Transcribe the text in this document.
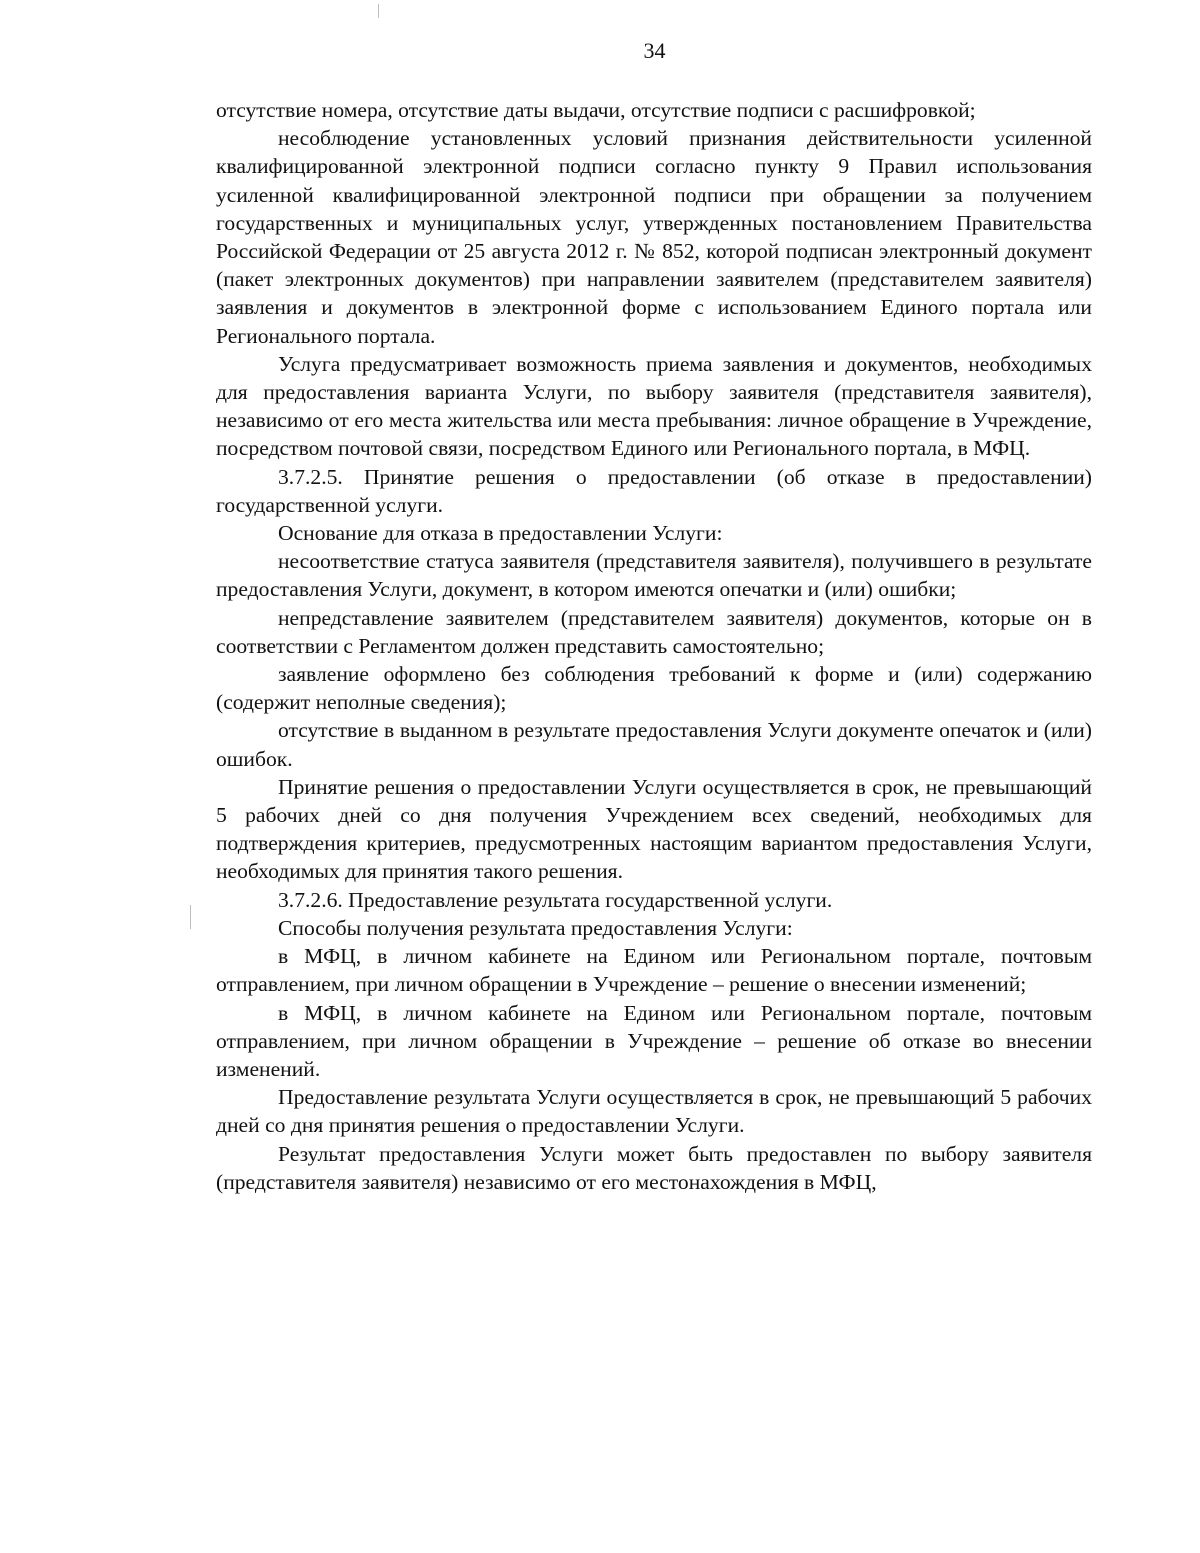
34

отсутствие номера, отсутствие даты выдачи, отсутствие подписи с расшифровкой;

несоблюдение установленных условий признания действительности усиленной квалифицированной электронной подписи согласно пункту 9 Правил использования усиленной квалифицированной электронной подписи при обращении за получением государственных и муниципальных услуг, утвержденных постановлением Правительства Российской Федерации от 25 августа 2012 г. № 852, которой подписан электронный документ (пакет электронных документов) при направлении заявителем (представителем заявителя) заявления и документов в электронной форме с использованием Единого портала или Регионального портала.

Услуга предусматривает возможность приема заявления и документов, необходимых для предоставления варианта Услуги, по выбору заявителя (представителя заявителя), независимо от его места жительства или места пребывания: личное обращение в Учреждение, посредством почтовой связи, посредством Единого или Регионального портала, в МФЦ.

3.7.2.5. Принятие решения о предоставлении (об отказе в предоставлении) государственной услуги.

Основание для отказа в предоставлении Услуги:

несоответствие статуса заявителя (представителя заявителя), получившего в результате предоставления Услуги, документ, в котором имеются опечатки и (или) ошибки;

непредставление заявителем (представителем заявителя) документов, которые он в соответствии с Регламентом должен представить самостоятельно;

заявление оформлено без соблюдения требований к форме и (или) содержанию (содержит неполные сведения);

отсутствие в выданном в результате предоставления Услуги документе опечаток и (или) ошибок.

Принятие решения о предоставлении Услуги осуществляется в срок, не превышающий 5 рабочих дней со дня получения Учреждением всех сведений, необходимых для подтверждения критериев, предусмотренных настоящим вариантом предоставления Услуги, необходимых для принятия такого решения.

3.7.2.6. Предоставление результата государственной услуги.

Способы получения результата предоставления Услуги:

в МФЦ, в личном кабинете на Едином или Региональном портале, почтовым отправлением, при личном обращении в Учреждение – решение о внесении изменений;

в МФЦ, в личном кабинете на Едином или Региональном портале, почтовым отправлением, при личном обращении в Учреждение – решение об отказе во внесении изменений.

Предоставление результата Услуги осуществляется в срок, не превышающий 5 рабочих дней со дня принятия решения о предоставлении Услуги.

Результат предоставления Услуги может быть предоставлен по выбору заявителя (представителя заявителя) независимо от его местонахождения в МФЦ,
